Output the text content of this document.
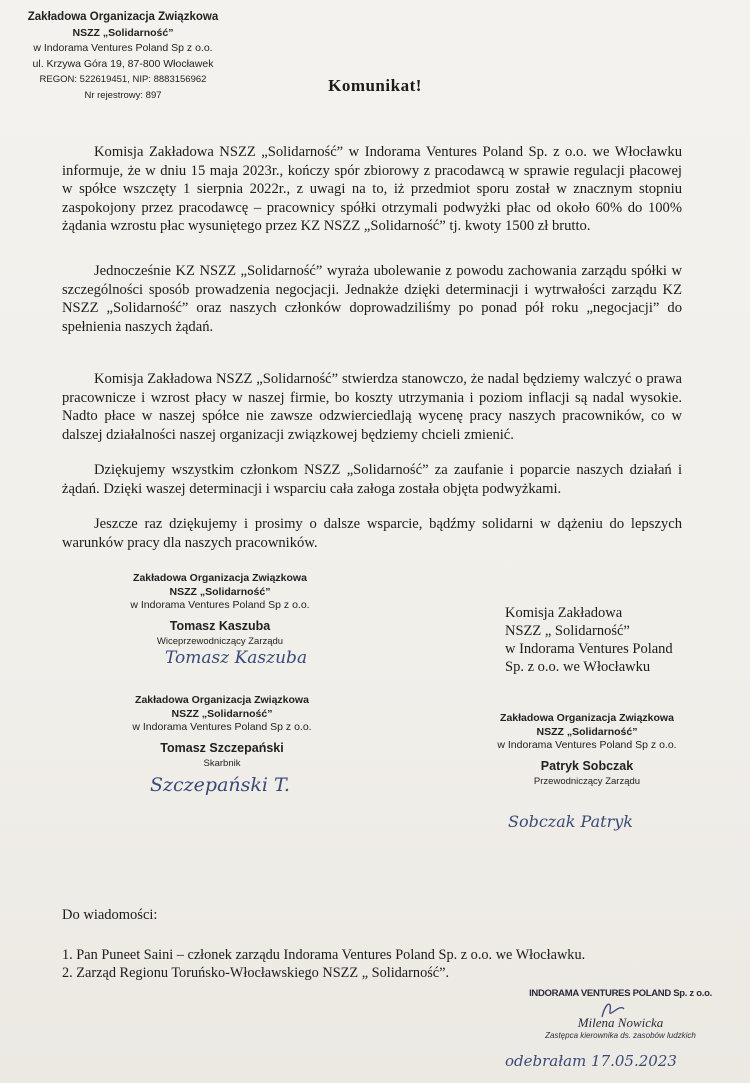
Zakładowa Organizacja Związkowa
NSZZ „Solidarność”
w Indorama Ventures Poland Sp z o.o.
ul. Krzywa Góra 19, 87-800 Włocławek
REGON: 522619451, NIP: 8883156962
Nr rejestrowy: 897	Komunikat!
Komisja Zakładowa NSZZ „Solidarność” w Indorama Ventures Poland Sp. z o.o. we Włocławku informuje, że w dniu 15 maja 2023r., kończy spór zbiorowy z pracodawcą w sprawie regulacji płacowej w spółce wszczęty 1 sierpnia 2022r., z uwagi na to, iż przedmiot sporu został w znacznym stopniu zaspokojony przez pracodawcę – pracownicy spółki otrzymali podwyżki płac od około 60% do 100% żądania wzrostu płac wysuniętego przez KZ NSZZ „Solidarność” tj. kwoty 1500 zł brutto.
Jednocześnie KZ NSZZ „Solidarność” wyraża ubolewanie z powodu zachowania zarządu spółki w szczególności sposób prowadzenia negocjacji. Jednakże dzięki determinacji i wytrwałości zarządu KZ NSZZ „Solidarność” oraz naszych członków doprowadziliśmy po ponad pół roku „negocjacji” do spełnienia naszych żądań.
Komisja Zakładowa NSZZ „Solidarność” stwierdza stanowczo, że nadal będziemy walczyć o prawa pracownicze i wzrost płacy w naszej firmie, bo koszty utrzymania i poziom inflacji są nadal wysokie. Nadto płace w naszej spółce nie zawsze odzwierciedlają wycenę pracy naszych pracowników, co w dalszej działalności naszej organizacji związkowej będziemy chcieli zmienić.
Dziękujemy wszystkim członkom NSZZ „Solidarność” za zaufanie i poparcie naszych działań i żądań. Dzięki waszej determinacji i wsparciu cała załoga została objęta podwyżkami.
Jeszcze raz dziękujemy i prosimy o dalsze wsparcie, bądźmy solidarni w dążeniu do lepszych warunków pracy dla naszych pracowników.
Zakładowa Organizacja Związkowa
NSZZ „Solidarność”
w Indorama Ventures Poland Sp z o.o.
Tomasz Kaszuba
Wiceprzewodniczący Zarządu
Tomasz Kaszuba
Zakładowa Organizacja Związkowa
NSZZ „Solidarność”
w Indorama Ventures Poland Sp z o.o.
Tomasz Szczepański
Skarbnik
Szczepański T.
Komisja Zakładowa
NSZZ „ Solidarność”
w Indorama Ventures Poland
Sp. z o.o. we Włocławku
Zakładowa Organizacja Związkowa
NSZZ „Solidarność”
w Indorama Ventures Poland Sp z o.o.
Patryk Sobczak
Przewodniczący Zarządu
Sobczak Patryk
Do wiadomości:
1. Pan Puneet Saini – członek zarządu Indorama Ventures Poland Sp. z o.o. we Włocławku.
2. Zarząd Regionu Toruńsko-Włocławskiego NSZZ „ Solidarność”.
INDORAMA VENTURES POLAND Sp. z o.o.
Milena Nowicka
Zastępca kierownika ds. zasobów ludzkich
odebrałam 17.05.2023
